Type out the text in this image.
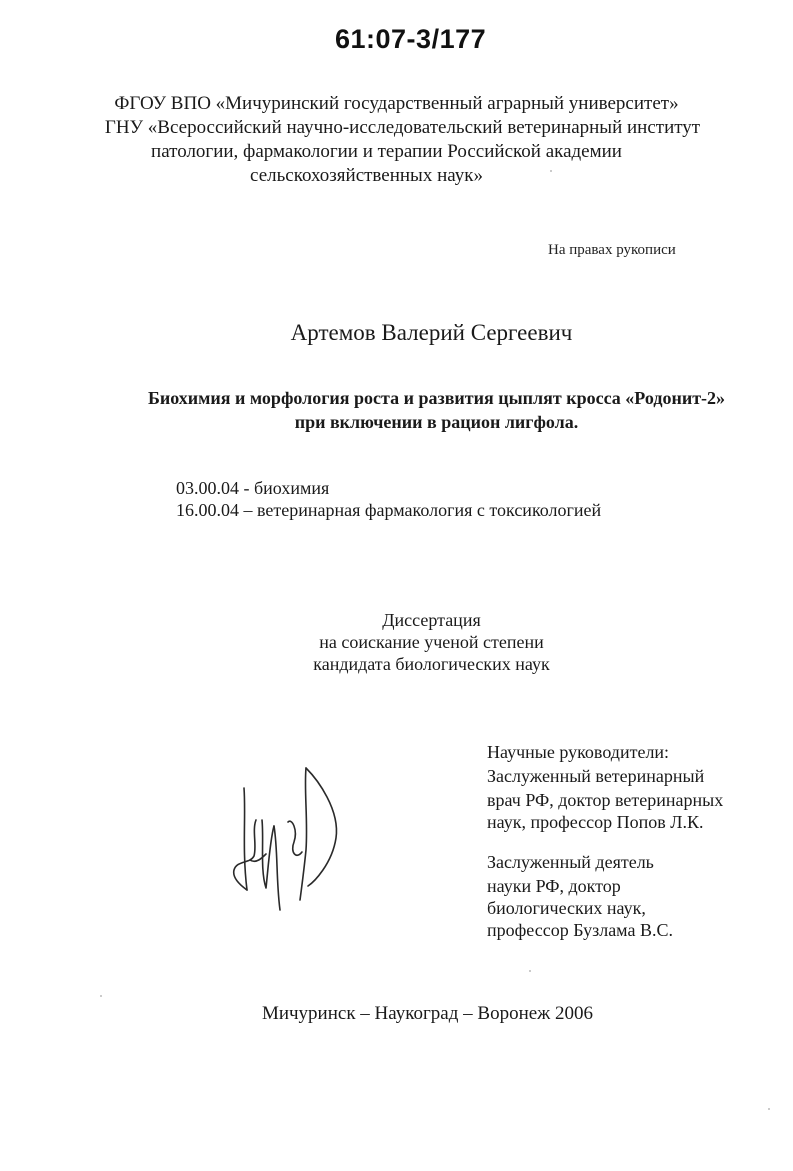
61:07-3/177
ФГОУ ВПО «Мичуринский государственный аграрный университет»
ГНУ «Всероссийский научно-исследовательский ветеринарный институт
патологии, фармакологии и терапии Российской академии
сельскохозяйственных наук»
На правах рукописи
Артемов Валерий Сергеевич
Биохимия и морфология роста и развития цыплят кросса «Родонит-2»
при включении в рацион лигфола.
03.00.04 - биохимия
16.00.04 – ветеринарная фармакология с токсикологией
Диссертация
на соискание ученой степени
кандидата биологических наук
Научные руководители:
Заслуженный ветеринарный
врач РФ, доктор ветеринарных
наук, профессор Попов Л.К.
Заслуженный деятель
науки РФ, доктор
биологических наук,
профессор Бузлама В.С.
Мичуринск – Наукоград – Воронеж 2006
